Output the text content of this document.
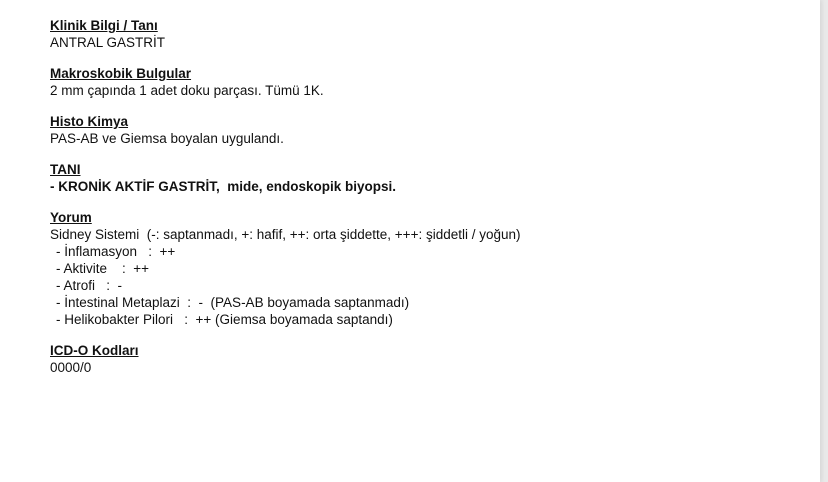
Klinik Bilgi / Tanı
ANTRAL GASTRİT
Makroskobik Bulgular
2 mm çapında 1 adet doku parçası. Tümü 1K.
Histo Kimya
PAS-AB ve Giemsa boyalan uygulandı.
TANI
- KRONİK AKTİF GASTRİT,  mide, endoskopik biyopsi.
Yorum
Sidney Sistemi  (-: saptanmadı, +: hafif, ++: orta şiddette, +++: şiddetli / yoğun)
- İnflamasyon   :  ++
- Aktivite    :  ++
- Atrofi   :  -
- İntestinal Metaplazi  :  -  (PAS-AB boyamada saptanmadı)
- Helikobakter Pilori   :  ++ (Giemsa boyamada saptandı)
ICD-O Kodları
0000/0
